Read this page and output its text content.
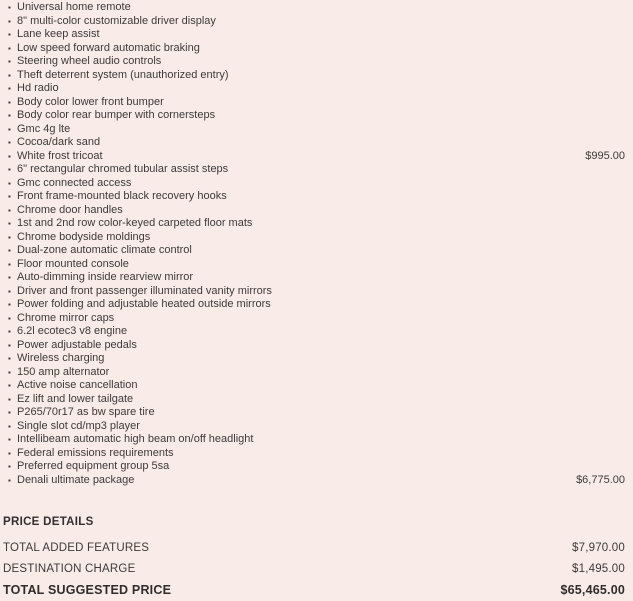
▪ Universal home remote
▪ 8" multi-color customizable driver display
▪ Lane keep assist
▪ Low speed forward automatic braking
▪ Steering wheel audio controls
▪ Theft deterrent system (unauthorized entry)
▪ Hd radio
▪ Body color lower front bumper
▪ Body color rear bumper with cornersteps
▪ Gmc 4g lte
▪ Cocoa/dark sand
▪ White frost tricoat	$995.00
▪ 6" rectangular chromed tubular assist steps
▪ Gmc connected access
▪ Front frame-mounted black recovery hooks
▪ Chrome door handles
▪ 1st and 2nd row color-keyed carpeted floor mats
▪ Chrome bodyside moldings
▪ Dual-zone automatic climate control
▪ Floor mounted console
▪ Auto-dimming inside rearview mirror
▪ Driver and front passenger illuminated vanity mirrors
▪ Power folding and adjustable heated outside mirrors
▪ Chrome mirror caps
▪ 6.2l ecotec3 v8 engine
▪ Power adjustable pedals
▪ Wireless charging
▪ 150 amp alternator
▪ Active noise cancellation
▪ Ez lift and lower tailgate
▪ P265/70r17 as bw spare tire
▪ Single slot cd/mp3 player
▪ Intellibeam automatic high beam on/off headlight
▪ Federal emissions requirements
▪ Preferred equipment group 5sa
▪ Denali ultimate package	$6,775.00
PRICE DETAILS
TOTAL ADDED FEATURES	$7,970.00
DESTINATION CHARGE	$1,495.00
TOTAL SUGGESTED PRICE	$65,465.00
